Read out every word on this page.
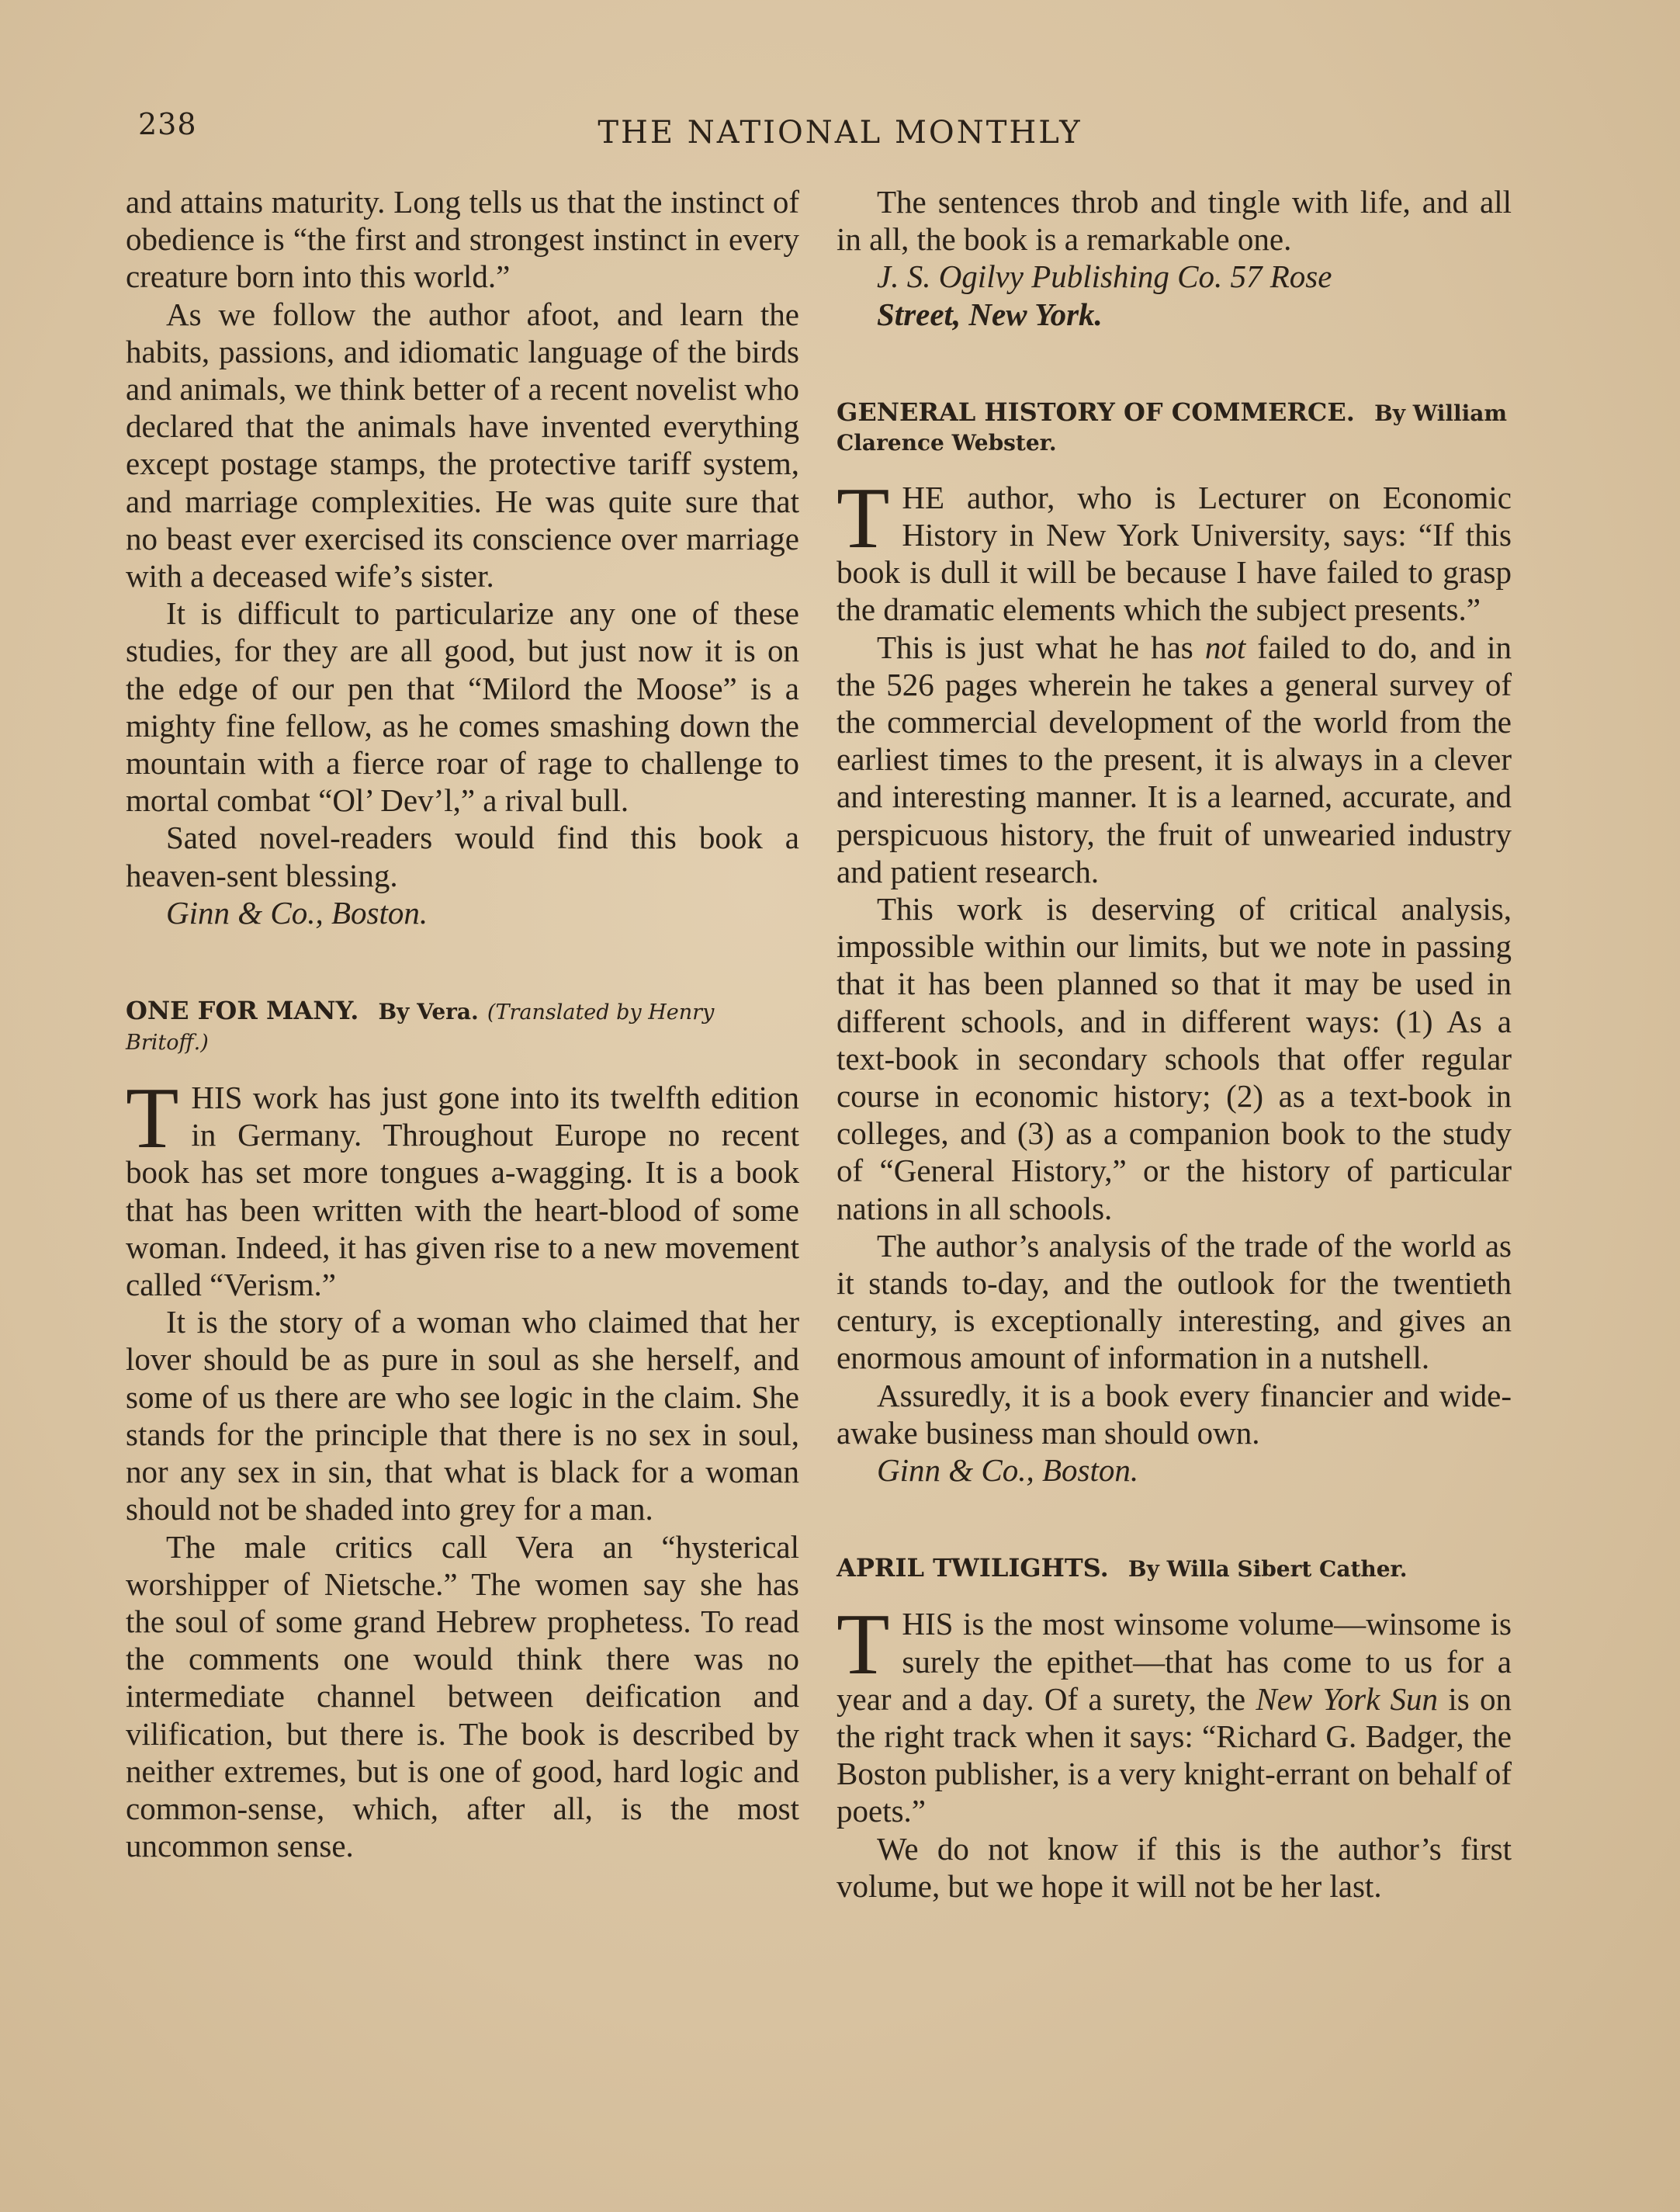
238	THE NATIONAL MONTHLY

and attains maturity. Long tells us that the instinct of obedience is “the first and strongest instinct in every creature born into this world.”

As we follow the author afoot, and learn the habits, passions, and idiomatic language of the birds and animals, we think better of a recent novelist who declared that the animals have invented everything except postage stamps, the protective tariff system, and marriage complexities. He was quite sure that no beast ever exercised its conscience over marriage with a deceased wife’s sister.

It is difficult to particularize any one of these studies, for they are all good, but just now it is on the edge of our pen that “Milord the Moose” is a mighty fine fellow, as he comes smashing down the mountain with a fierce roar of rage to challenge to mortal combat “Ol’ Dev’l,” a rival bull.

Sated novel-readers would find this book a heaven-sent blessing.

Ginn & Co., Boston.

ONE FOR MANY. By Vera. (Translated by Henry Britoff.)

THIS work has just gone into its twelfth edition in Germany. Throughout Europe no recent book has set more tongues a-wagging. It is a book that has been written with the heart-blood of some woman. Indeed, it has given rise to a new movement called “Verism.”

It is the story of a woman who claimed that her lover should be as pure in soul as she herself, and some of us there are who see logic in the claim. She stands for the principle that there is no sex in soul, nor any sex in sin, that what is black for a woman should not be shaded into grey for a man.

The male critics call Vera an “hysterical worshipper of Nietsche.” The women say she has the soul of some grand Hebrew prophetess. To read the comments one would think there was no intermediate channel between deification and vilification, but there is. The book is described by neither extremes, but is one of good, hard logic and common-sense, which, after all, is the most uncommon sense.

The sentences throb and tingle with life, and all in all, the book is a remarkable one.

J. S. Ogilvy Publishing Co. 57 Rose

Street, New York.

GENERAL HISTORY OF COMMERCE. By William Clarence Webster.

THE author, who is Lecturer on Economic History in New York University, says: “If this book is dull it will be because I have failed to grasp the dramatic elements which the subject presents.”

This is just what he has not failed to do, and in the 526 pages wherein he takes a general survey of the commercial development of the world from the earliest times to the present, it is always in a clever and interesting manner. It is a learned, accurate, and perspicuous history, the fruit of unwearied industry and patient research.

This work is deserving of critical analysis, impossible within our limits, but we note in passing that it has been planned so that it may be used in different schools, and in different ways: (1) As a text-book in secondary schools that offer regular course in economic history; (2) as a text-book in colleges, and (3) as a companion book to the study of “General History,” or the history of particular nations in all schools.

The author’s analysis of the trade of the world as it stands to-day, and the outlook for the twentieth century, is exceptionally interesting, and gives an enormous amount of information in a nutshell.

Assuredly, it is a book every financier and wide-awake business man should own.

Ginn & Co., Boston.

APRIL TWILIGHTS. By Willa Sibert Cather.

THIS is the most winsome volume—winsome is surely the epithet—that has come to us for a year and a day. Of a surety, the New York Sun is on the right track when it says: “Richard G. Badger, the Boston publisher, is a very knight-errant on behalf of poets.”

We do not know if this is the author’s first volume, but we hope it will not be her last.
